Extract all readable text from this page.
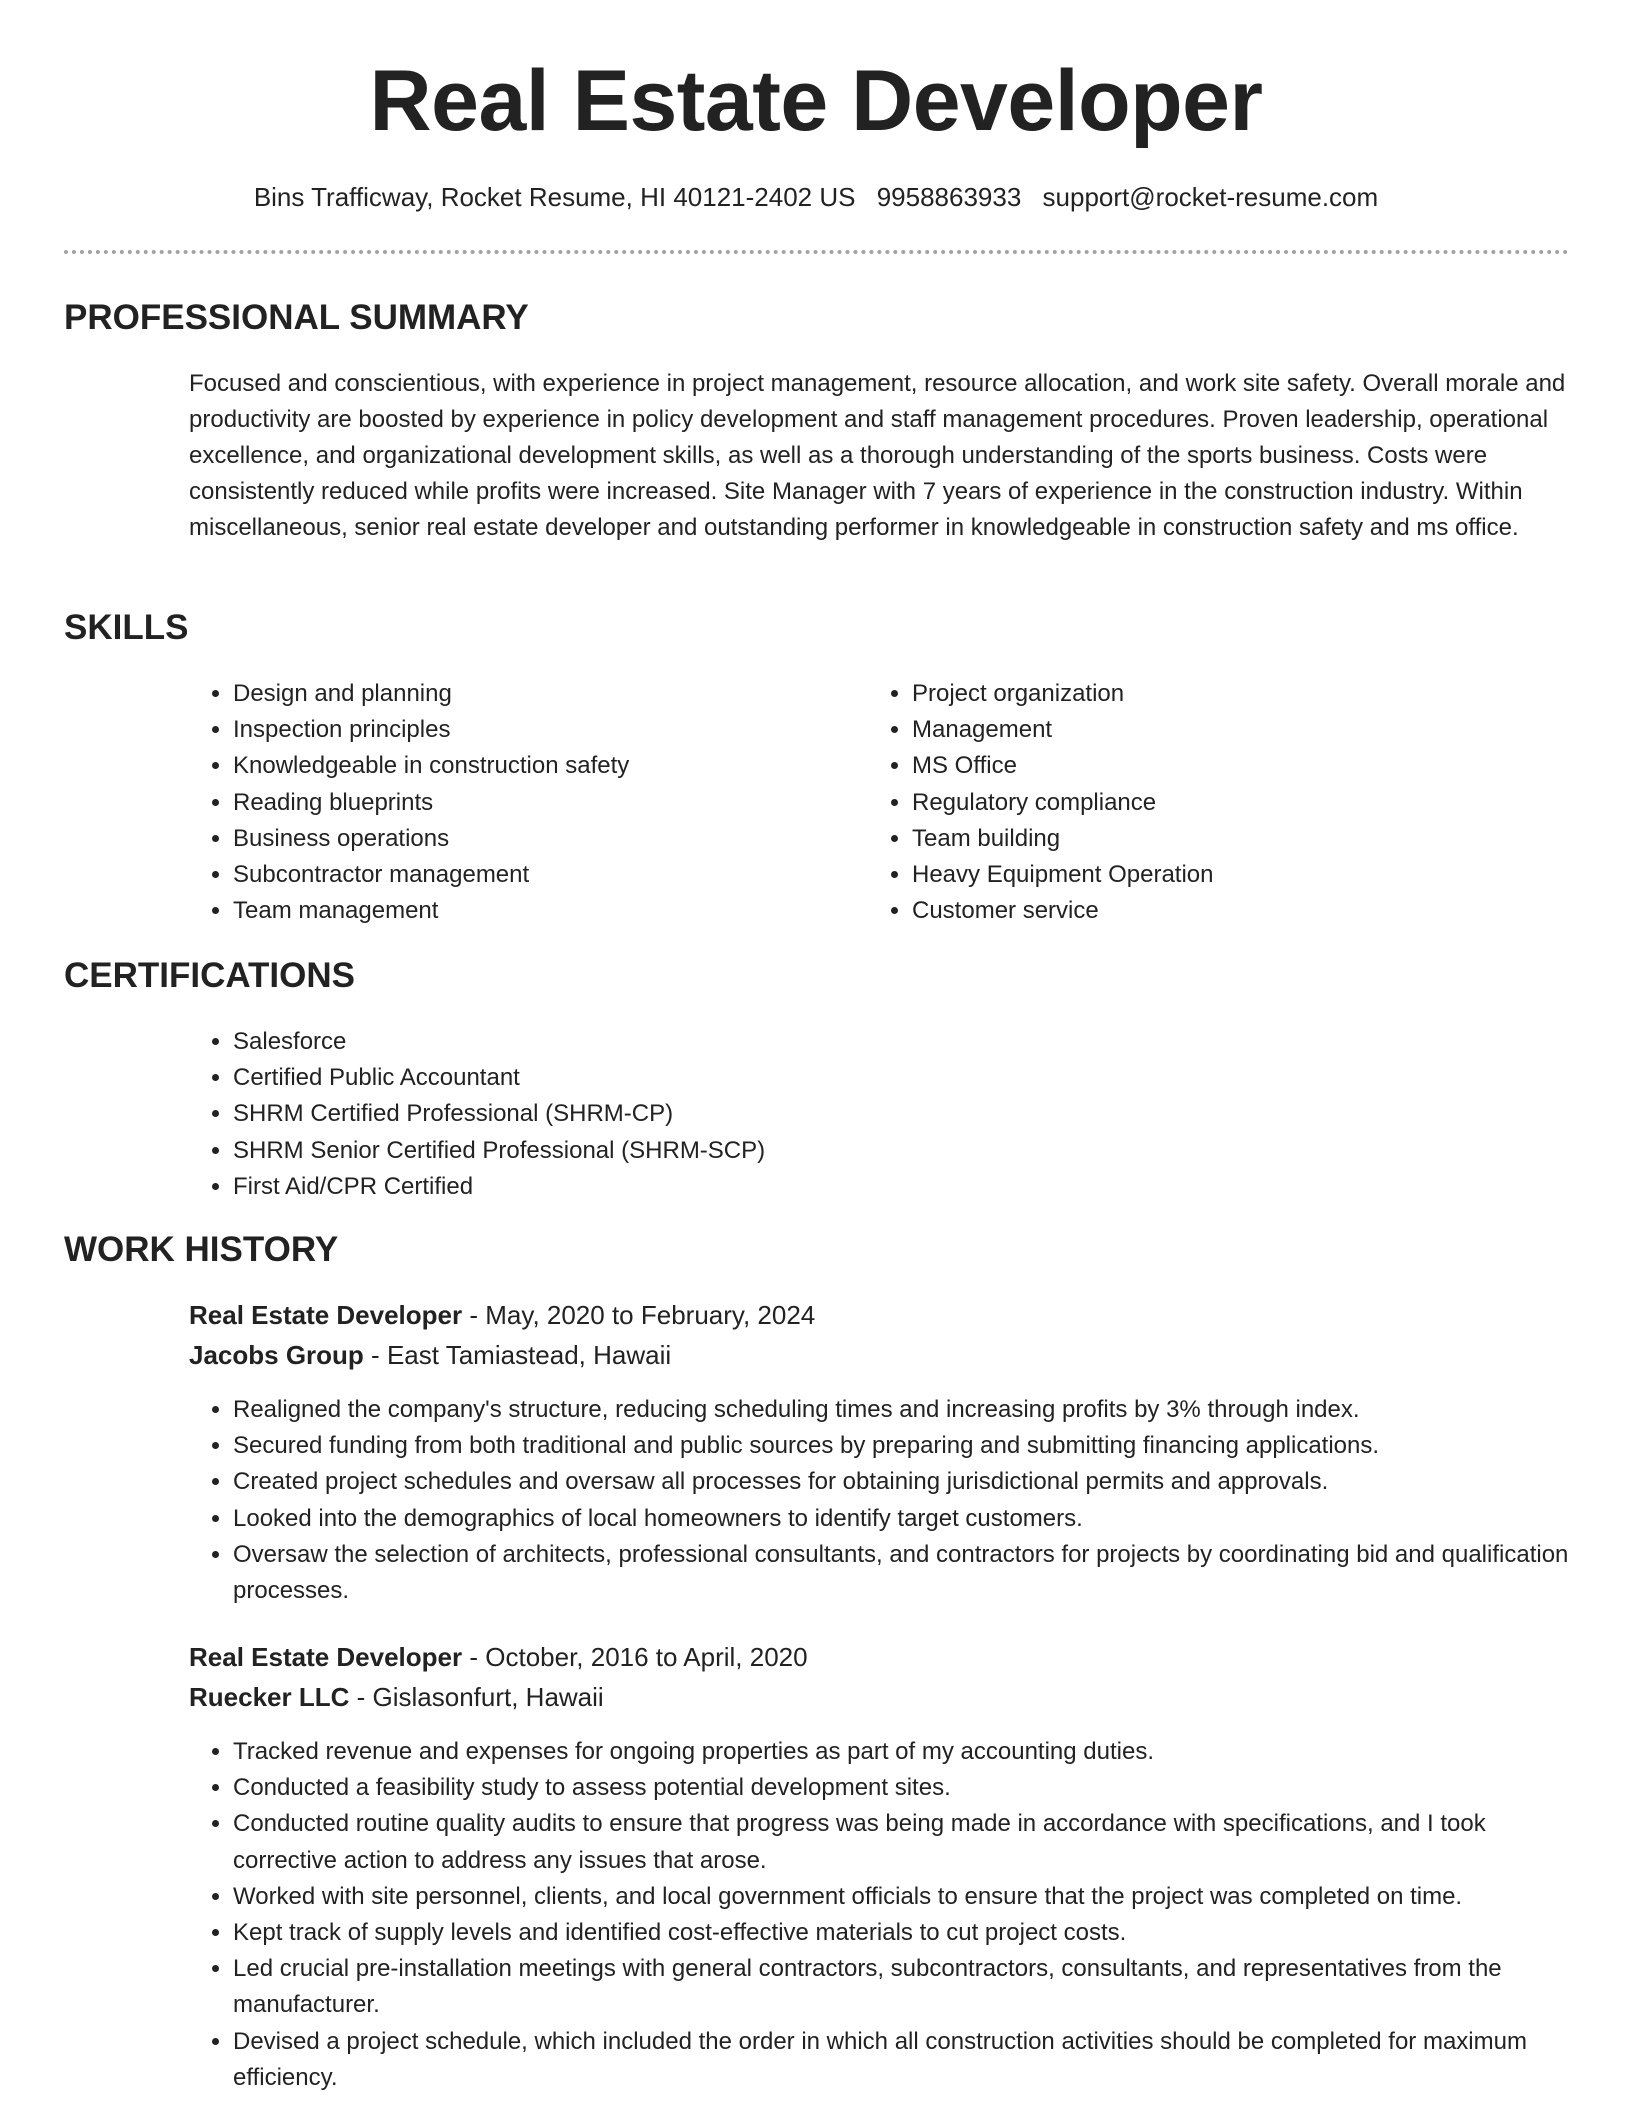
Real Estate Developer
Bins Trafficway, Rocket Resume, HI 40121-2402 US 9958863933 support@rocket-resume.com
PROFESSIONAL SUMMARY

Focused and conscientious, with experience in project management, resource allocation, and work site safety. Overall morale and productivity are boosted by experience in policy development and staff management procedures. Proven leadership, operational excellence, and organizational development skills, as well as a thorough understanding of the sports business. Costs were consistently reduced while profits were increased. Site Manager with 7 years of experience in the construction industry. Within miscellaneous, senior real estate developer and outstanding performer in knowledgeable in construction safety and ms office.

SKILLS
• Design and planning
• Inspection principles
• Knowledgeable in construction safety
• Reading blueprints
• Business operations
• Subcontractor management
• Team management
• Project organization
• Management
• MS Office
• Regulatory compliance
• Team building
• Heavy Equipment Operation
• Customer service
CERTIFICATIONS
• Salesforce
• Certified Public Accountant
• SHRM Certified Professional (SHRM-CP)
• SHRM Senior Certified Professional (SHRM-SCP)
• First Aid/CPR Certified
WORK HISTORY
Real Estate Developer - May, 2020 to February, 2024
Jacobs Group - East Tamiastead, Hawaii
• Realigned the company's structure, reducing scheduling times and increasing profits by 3% through index.
• Secured funding from both traditional and public sources by preparing and submitting financing applications.
• Created project schedules and oversaw all processes for obtaining jurisdictional permits and approvals.
• Looked into the demographics of local homeowners to identify target customers.
• Oversaw the selection of architects, professional consultants, and contractors for projects by coordinating bid and qualification processes.
Real Estate Developer - October, 2016 to April, 2020
Ruecker LLC - Gislasonfurt, Hawaii
• Tracked revenue and expenses for ongoing properties as part of my accounting duties.
• Conducted a feasibility study to assess potential development sites.
• Conducted routine quality audits to ensure that progress was being made in accordance with specifications, and I took corrective action to address any issues that arose.
• Worked with site personnel, clients, and local government officials to ensure that the project was completed on time.
• Kept track of supply levels and identified cost-effective materials to cut project costs.
• Led crucial pre-installation meetings with general contractors, subcontractors, consultants, and representatives from the manufacturer.
• Devised a project schedule, which included the order in which all construction activities should be completed for maximum efficiency.
